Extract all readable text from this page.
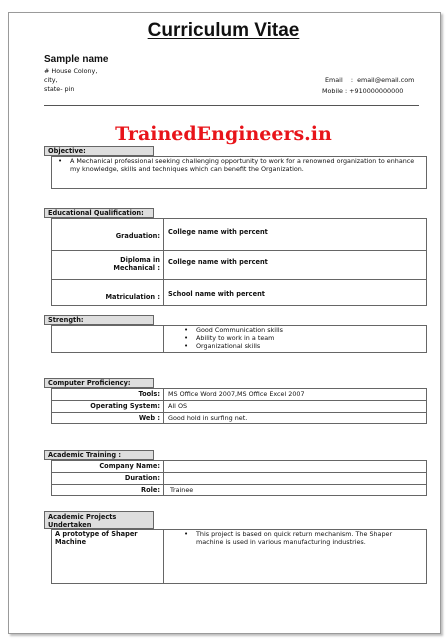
Curriculum Vitae
Sample name
# House Colony,
city,
state- pin
Email    :  email@email.com
Mobile : +910000000000
TrainedEngineers.in
Objective:
• A Mechanical professional seeking challenging opportunity to work for a renowned organization to enhance my knowledge, skills and techniques which can benefit the Organization.
Educational Qualification:
Graduation:
Diploma in Mechanical :
Matriculation :
College name with percent
College name with percent
School name with percent
Strength:
• Good Communication skills
• Ability to work in a team
• Organizational skills
Computer Proficiency:
Tools:
Operating System:
Web :
MS Office Word 2007,MS Office Excel 2007
All OS
Good hold in surfing net.
Academic Training :
Company Name:
Duration:
Role: Trainee
Academic Projects Undertaken
A prototype of Shaper Machine
• This project is based on quick return mechanism. The Shaper machine is used in various manufacturing industries.
